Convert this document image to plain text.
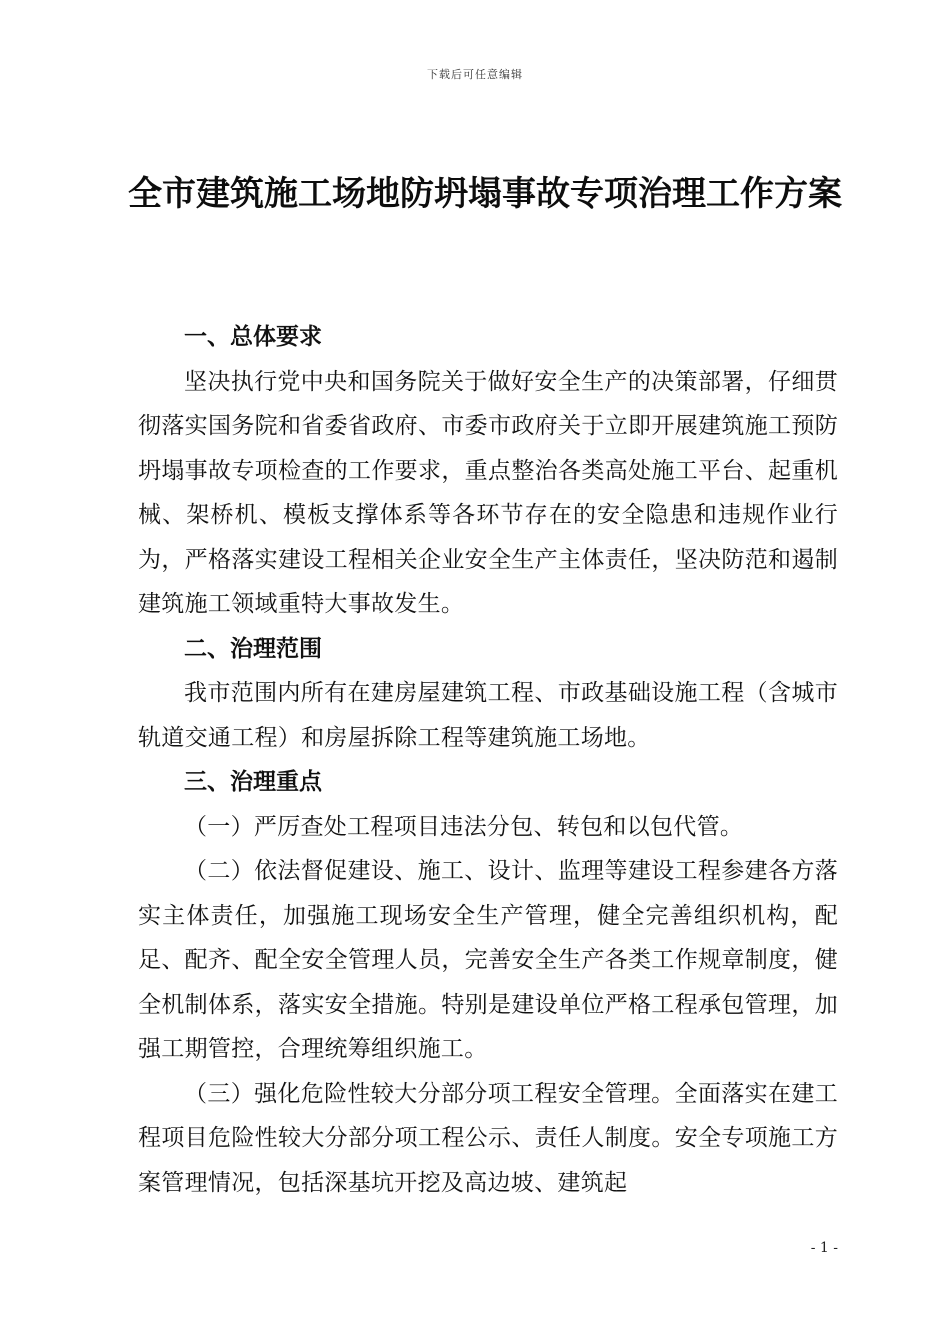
下载后可任意编辑
全市建筑施工场地防坍塌事故专项治理工作方案
一、总体要求

坚决执行党中央和国务院关于做好安全生产的决策部署，仔细贯彻落实国务院和省委省政府、市委市政府关于立即开展建筑施工预防坍塌事故专项检查的工作要求，重点整治各类高处施工平台、起重机械、架桥机、模板支撑体系等各环节存在的安全隐患和违规作业行为，严格落实建设工程相关企业安全生产主体责任，坚决防范和遏制建筑施工领域重特大事故发生。

二、治理范围

我市范围内所有在建房屋建筑工程、市政基础设施工程（含城市轨道交通工程）和房屋拆除工程等建筑施工场地。

三、治理重点

（一）严厉查处工程项目违法分包、转包和以包代管。

（二）依法督促建设、施工、设计、监理等建设工程参建各方落实主体责任，加强施工现场安全生产管理，健全完善组织机构，配足、配齐、配全安全管理人员，完善安全生产各类工作规章制度，健全机制体系，落实安全措施。特别是建设单位严格工程承包管理，加强工期管控，合理统筹组织施工。

（三）强化危险性较大分部分项工程安全管理。全面落实在建工程项目危险性较大分部分项工程公示、责任人制度。安全专项施工方案管理情况，包括深基坑开挖及高边坡、建筑起

- 1 -
